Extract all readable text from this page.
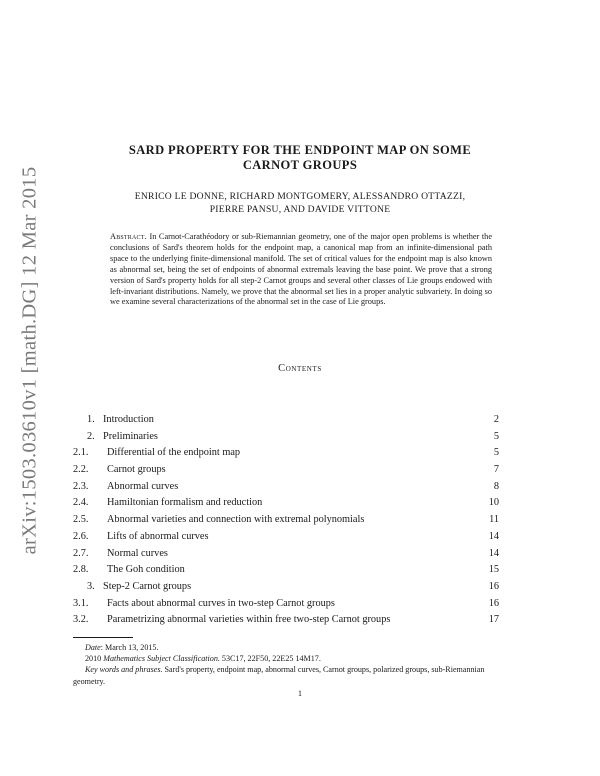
arXiv:1503.03610v1 [math.DG] 12 Mar 2015
SARD PROPERTY FOR THE ENDPOINT MAP ON SOME
CARNOT GROUPS
ENRICO LE DONNE, RICHARD MONTGOMERY, ALESSANDRO OTTAZZI,
PIERRE PANSU, AND DAVIDE VITTONE
Abstract. In Carnot-Carathéodory or sub-Riemannian geometry, one of the major open problems is whether the conclusions of Sard's theorem holds for the endpoint map, a canonical map from an infinite-dimensional path space to the underlying finite-dimensional manifold. The set of critical values for the endpoint map is also known as abnormal set, being the set of endpoints of abnormal extremals leaving the base point. We prove that a strong version of Sard's property holds for all step-2 Carnot groups and several other classes of Lie groups endowed with left-invariant distributions. Namely, we prove that the abnormal set lies in a proper analytic subvariety. In doing so we examine several characterizations of the abnormal set in the case of Lie groups.
Contents
1. Introduction	2
2. Preliminaries	5
2.1. Differential of the endpoint map	5
2.2. Carnot groups	7
2.3. Abnormal curves	8
2.4. Hamiltonian formalism and reduction	10
2.5. Abnormal varieties and connection with extremal polynomials	11
2.6. Lifts of abnormal curves	14
2.7. Normal curves	14
2.8. The Goh condition	15
3. Step-2 Carnot groups	16
3.1. Facts about abnormal curves in two-step Carnot groups	16
3.2. Parametrizing abnormal varieties within free two-step Carnot groups	17
Date: March 13, 2015.
2010 Mathematics Subject Classification. 53C17, 22F50, 22E25 14M17.
Key words and phrases. Sard's property, endpoint map, abnormal curves, Carnot groups, polarized groups, sub-Riemannian geometry.
1
